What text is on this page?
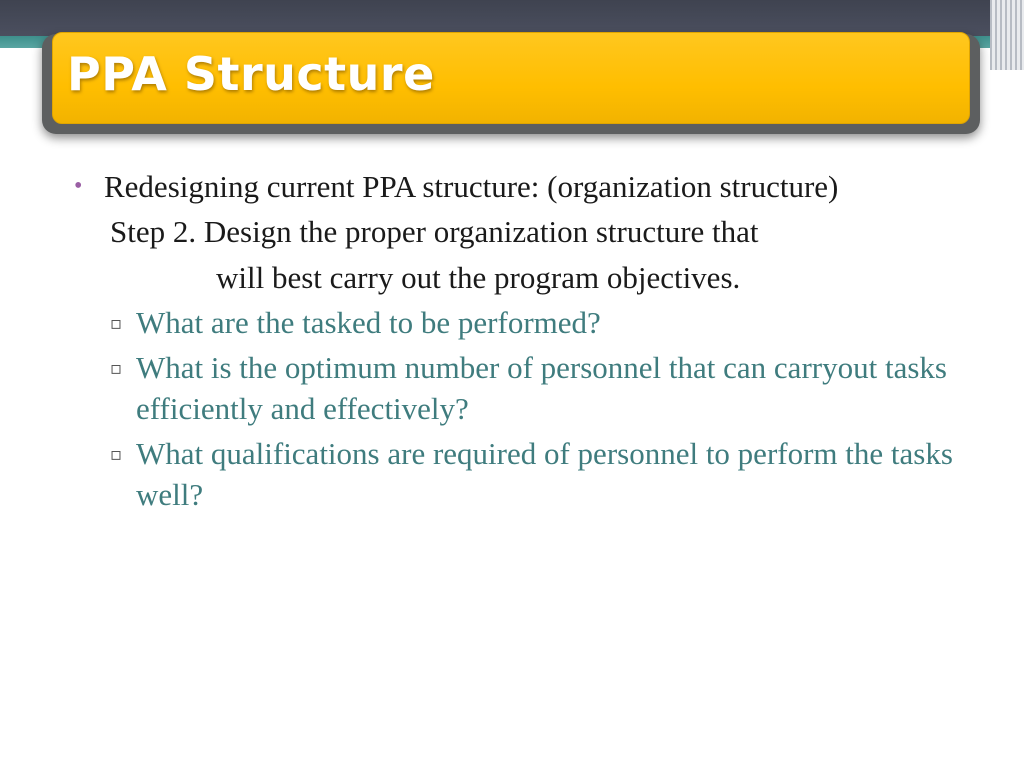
PPA Structure
• Redesigning current PPA structure: (organization structure)
Step 2. Design the proper organization structure that
will best carry out the program objectives.
▫ What are the tasked to be performed?
▫ What is the optimum number of personnel that can carryout tasks efficiently and effectively?
▫ What qualifications are required of personnel to perform the tasks well?
